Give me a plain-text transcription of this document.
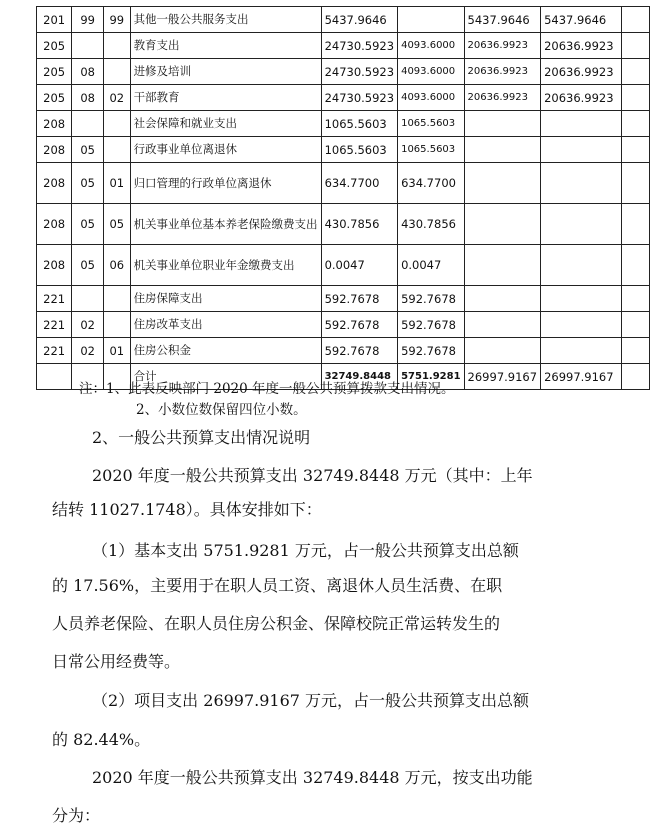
201	99	99	其他一般公共服务支出	5437.9646		5437.9646	5437.9646	
205			教育支出	24730.5923	4093.6000	20636.9923	20636.9923	
205	08		进修及培训	24730.5923	4093.6000	20636.9923	20636.9923	
205	08	02	干部教育	24730.5923	4093.6000	20636.9923	20636.9923	
208			社会保障和就业支出	1065.5603	1065.5603			
208	05		行政事业单位离退休	1065.5603	1065.5603			
208	05	01	归口管理的行政单位离退休	634.7700	634.7700			
208	05	05	机关事业单位基本养老保险缴费支出	430.7856	430.7856			
208	05	06	机关事业单位职业年金缴费支出	0.0047	0.0047			
221			住房保障支出	592.7678	592.7678			
221	02		住房改革支出	592.7678	592.7678			
221	02	01	住房公积金	592.7678	592.7678			
			合计	32749.8448	5751.9281	26997.9167	26997.9167	
注：1、此表反映部门 2020 年度一般公共预算拨款支出情况。
2、小数位数保留四位小数。
2、一般公共预算支出情况说明
2020 年度一般公共预算支出 32749.8448 万元（其中：上年
结转 11027.1748）。具体安排如下：
（1）基本支出 5751.9281 万元，占一般公共预算支出总额
的 17.56%，主要用于在职人员工资、离退休人员生活费、在职
人员养老保险、在职人员住房公积金、保障校院正常运转发生的
日常公用经费等。
（2）项目支出 26997.9167 万元，占一般公共预算支出总额
的 82.44%。
2020 年度一般公共预算支出 32749.8448 万元，按支出功能
分为：
